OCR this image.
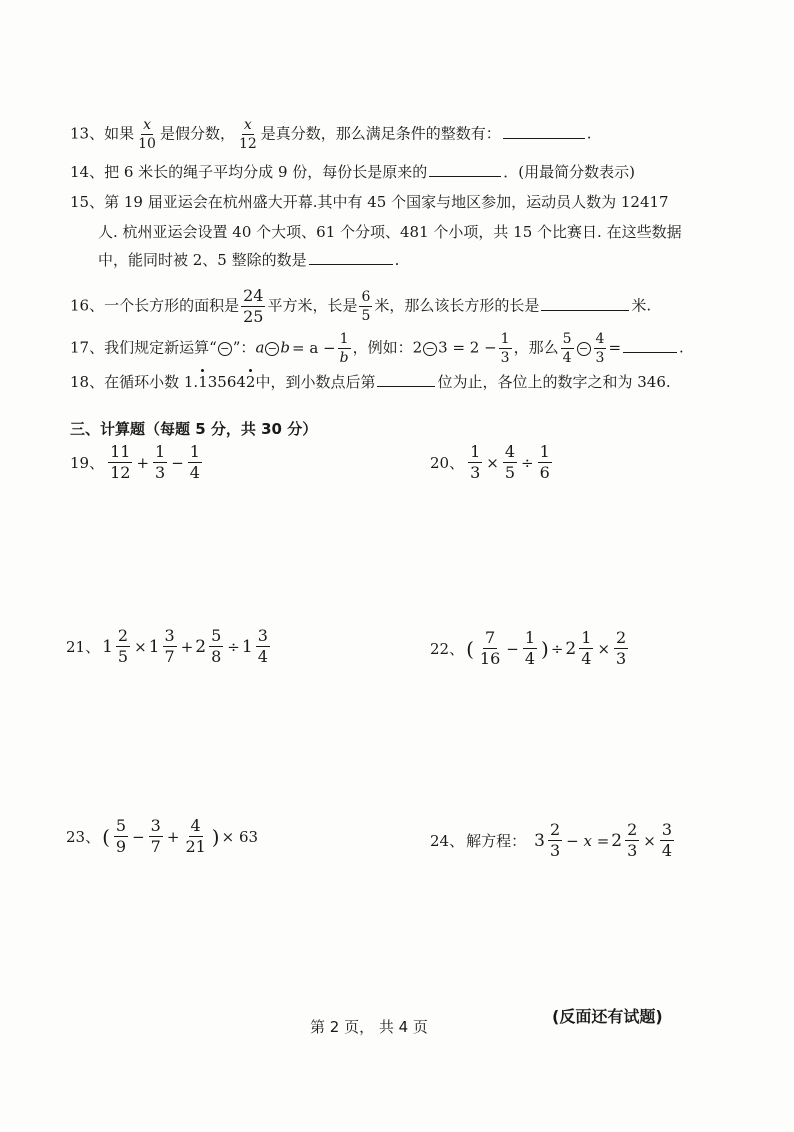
13、如果 $\frac{x}{10}$ 是假分数， $\frac{x}{12}$ 是真分数，那么满足条件的整数有：	.
14、把 6 米长的绳子平均分成 9 份，每份长是原来的	．(用最简分数表示)
15、第 19 届亚运会在杭州盛大开幕.其中有 45 个国家与地区参加，运动员人数为 12417
人. 杭州亚运会设置 40 个大项、61 个分项、481 个小项，共 15 个比赛日. 在这些数据
中，能同时被 2、5 整除的数是	.
16、一个长方形的面积是 $\frac{24}{25}$ 平方米，长是 $\frac{6}{5}$ 米，那么该长方形的长是	米.
17、我们规定新运算“ − ”：$a - b = a - \frac{1}{b}$ ，例如：$2 - 3 = 2 - \frac{1}{3}$ ，那么 $\frac{5}{4} - \frac{4}{3}$ =	.
18、在循环小数 1.135642中，到小数点后第	位为止，各位上的数字之和为 346.
三、计算题（每题 5 分，共 30 分）
19、 $\frac{11}{12} + \frac{1}{3} - \frac{1}{4}$	20、 $\frac{1}{3} \times \frac{4}{5} \div \frac{1}{6}$
21、 $1 \frac{2}{5} \times 1 \frac{3}{7} + 2 \frac{5}{8} \div 1 \frac{3}{4}$	22、 ( $\frac{7}{16} - \frac{1}{4}$ ) ÷ $2 \frac{1}{4} \times \frac{2}{3}$
23、 ( $\frac{5}{9} - \frac{3}{7} + \frac{4}{21}$ ) × 63	24、 解方程： $3 \frac{2}{3} - x = 2 \frac{2}{3} \times \frac{3}{4}$
第 2 页， 共 4 页
(反面还有试题)
